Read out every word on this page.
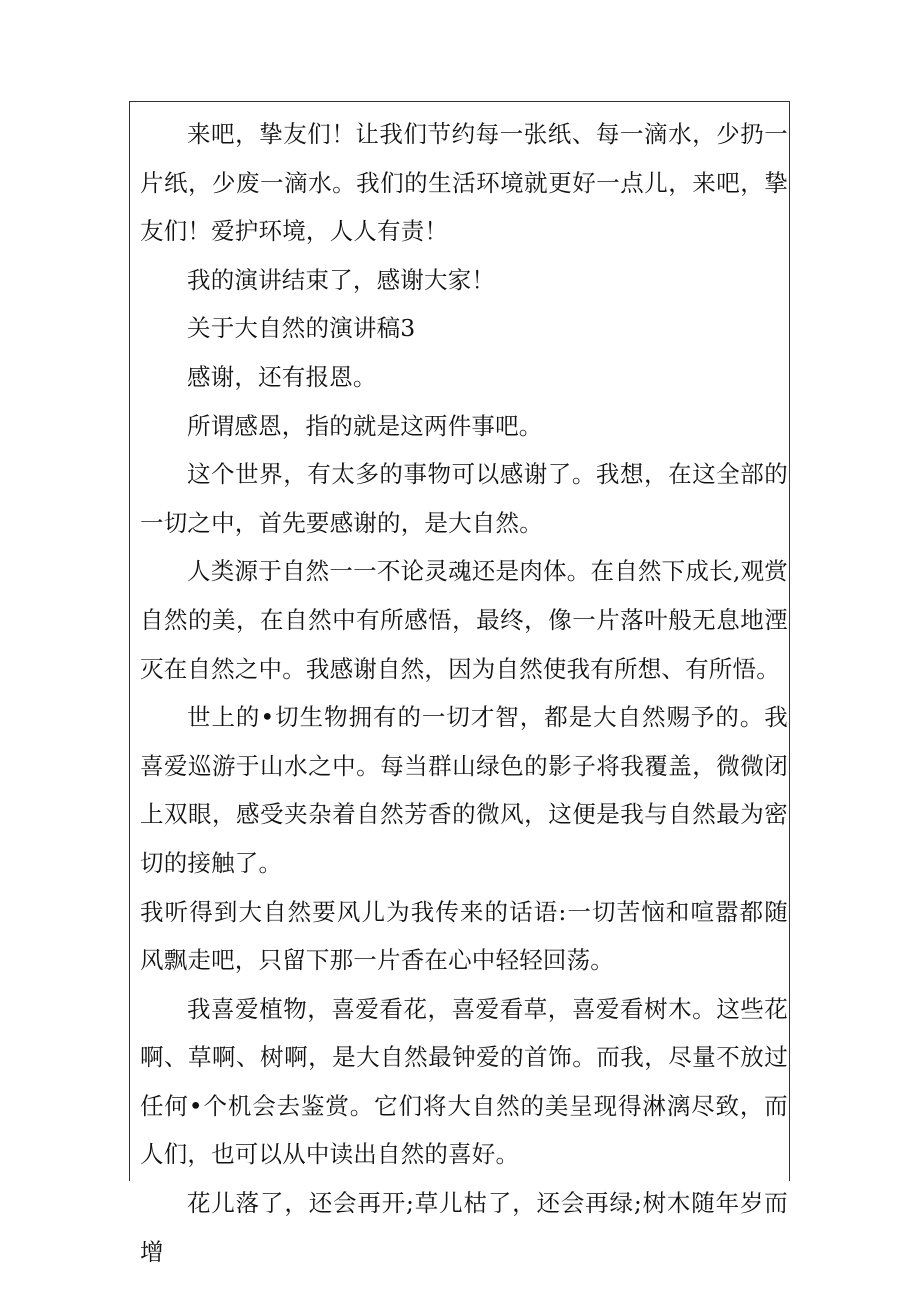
来吧，挚友们！让我们节约每一张纸、每一滴水，少扔一片纸，少废一滴水。我们的生活环境就更好一点儿，来吧，挚友们！爱护环境，人人有责！

我的演讲结束了，感谢大家！

关于大自然的演讲稿3

感谢，还有报恩。

所谓感恩，指的就是这两件事吧。

这个世界，有太多的事物可以感谢了。我想，在这全部的一切之中，首先要感谢的，是大自然。

人类源于自然一一不论灵魂还是肉体。在自然下成长,观赏自然的美，在自然中有所感悟，最终，像一片落叶般无息地湮灭在自然之中。我感谢自然，因为自然使我有所想、有所悟。

世上的•切生物拥有的一切才智，都是大自然赐予的。我喜爱巡游于山水之中。每当群山绿色的影子将我覆盖，微微闭上双眼，感受夹杂着自然芳香的微风，这便是我与自然最为密切的接触了。

我听得到大自然要风儿为我传来的话语:一切苦恼和喧嚣都随风飘走吧，只留下那一片香在心中轻轻回荡。

我喜爱植物，喜爱看花，喜爱看草，喜爱看树木。这些花啊、草啊、树啊，是大自然最钟爱的首饰。而我，尽量不放过任何•个机会去鉴赏。它们将大自然的美呈现得淋漓尽致，而人们，也可以从中读出自然的喜好。

花儿落了，还会再开;草儿枯了，还会再绿;树木随年岁而增
